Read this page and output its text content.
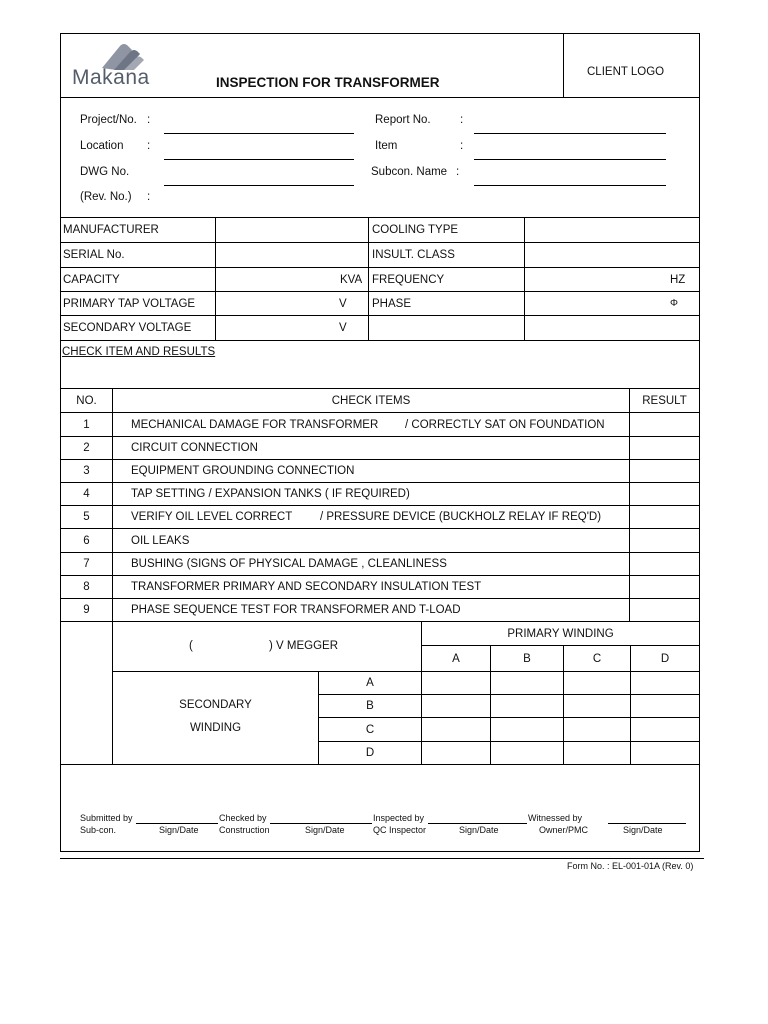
Makana	INSPECTION FOR TRANSFORMER
CLIENT LOGO
Project/No. :
Location :
DWG No.
(Rev. No.) :
Report No.	:
Item	:
Subcon. Name :
MANUFACTURER	COOLING TYPE
SERIAL No.	INSULT. CLASS
CAPACITY	KVA FREQUENCY	HZ
PRIMARY TAP VOLTAGE	V PHASE	Φ
SECONDARY VOLTAGE	V
CHECK ITEM AND RESULTS
NO.	CHECK ITEMS	RESULT
1	MECHANICAL DAMAGE FOR TRANSFORMER / CORRECTLY SAT ON FOUNDATION
2	CIRCUIT CONNECTION
3	EQUIPMENT GROUNDING CONNECTION
4	TAP SETTING / EXPANSION TANKS ( IF REQUIRED)
5	VERIFY OIL LEVEL CORRECT / PRESSURE DEVICE (BUCKHOLZ RELAY IF REQ'D)
6	OIL LEAKS
7	BUSHING (SIGNS OF PHYSICAL DAMAGE , CLEANLINESS
8	TRANSFORMER PRIMARY AND SECONDARY INSULATION TEST
9	PHASE SEQUENCE TEST FOR TRANSFORMER AND T-LOAD
(	) V MEGGER
PRIMARY WINDING
A	B	C	D
SECONDARY
WINDING
A
B
C
D
Submitted by
Sub-con.	Sign/Date
Checked by
Construction	Sign/Date
Inspected by
QC Inspector	Sign/Date
Witnessed by
Owner/PMC	Sign/Date
Form No. : EL-001-01A (Rev. 0)
